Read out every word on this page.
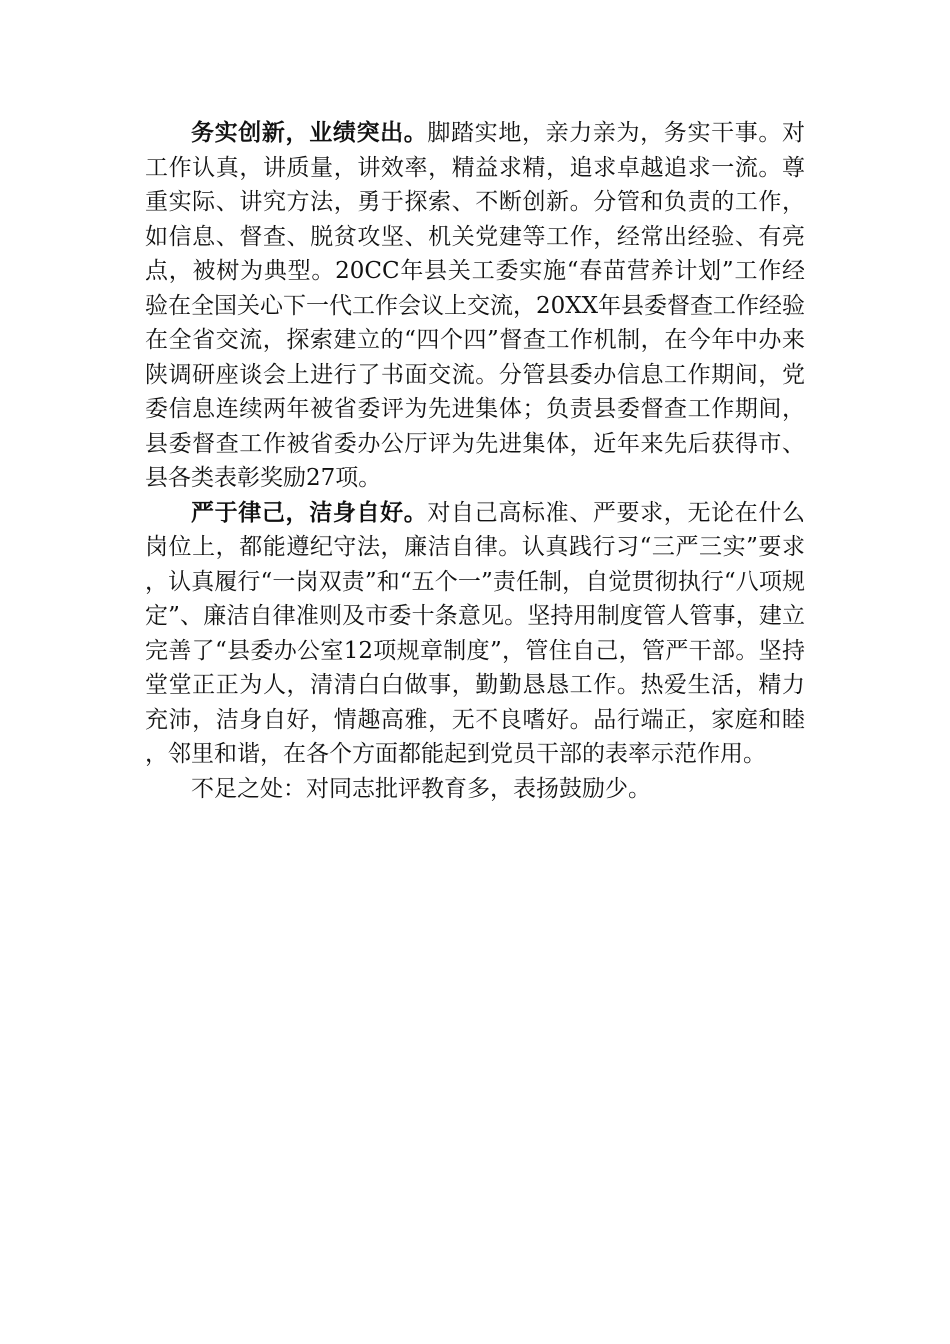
务实创新，业绩突出。脚踏实地，亲力亲为，务实干事。对工作认真，讲质量，讲效率，精益求精，追求卓越追求一流。尊重实际、讲究方法，勇于探索、不断创新。分管和负责的工作，如信息、督查、脱贫攻坚、机关党建等工作，经常出经验、有亮点，被树为典型。20CC年县关工委实施“春苗营养计划”工作经验在全国关心下一代工作会议上交流，20XX年县委督查工作经验在全省交流，探索建立的“四个四”督查工作机制，在今年中办来陕调研座谈会上进行了书面交流。分管县委办信息工作期间，党委信息连续两年被省委评为先进集体；负责县委督查工作期间，县委督查工作被省委办公厅评为先进集体，近年来先后获得市、县各类表彰奖励27项。

严于律己，洁身自好。对自己高标准、严要求，无论在什么岗位上，都能遵纪守法，廉洁自律。认真践行习“三严三实”要求，认真履行“一岗双责”和“五个一”责任制，自觉贯彻执行“八项规定”、廉洁自律准则及市委十条意见。坚持用制度管人管事，建立完善了“县委办公室12项规章制度”，管住自己，管严干部。坚持堂堂正正为人，清清白白做事，勤勤恳恳工作。热爱生活，精力充沛，洁身自好，情趣高雅，无不良嗜好。品行端正，家庭和睦，邻里和谐，在各个方面都能起到党员干部的表率示范作用。

不足之处：对同志批评教育多，表扬鼓励少。
